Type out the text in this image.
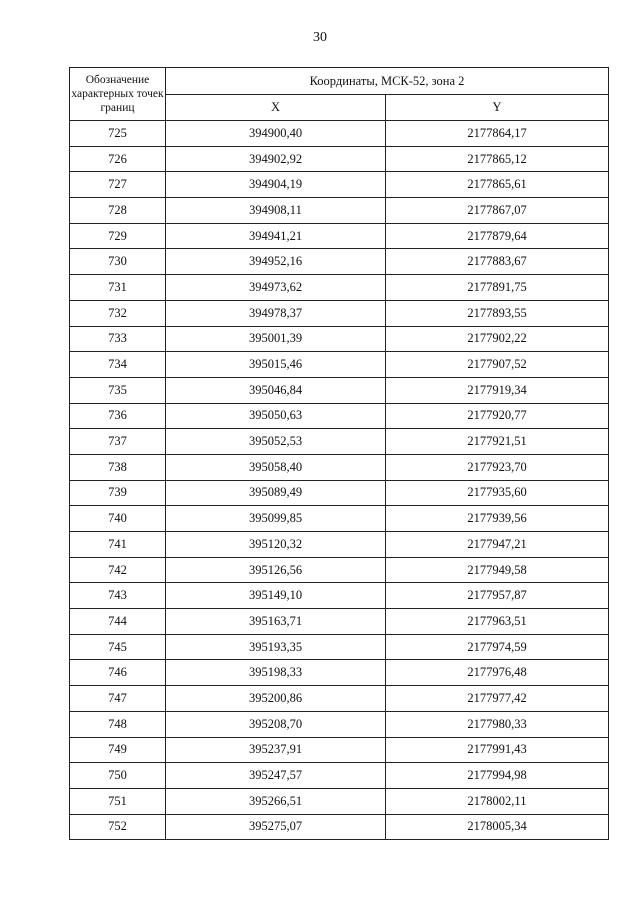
30
Обозначение характерных точек границ	Координаты, МСК-52, зона 2	
	X	Y
725	394900,40	2177864,17
726	394902,92	2177865,12
727	394904,19	2177865,61
728	394908,11	2177867,07
729	394941,21	2177879,64
730	394952,16	2177883,67
731	394973,62	2177891,75
732	394978,37	2177893,55
733	395001,39	2177902,22
734	395015,46	2177907,52
735	395046,84	2177919,34
736	395050,63	2177920,77
737	395052,53	2177921,51
738	395058,40	2177923,70
739	395089,49	2177935,60
740	395099,85	2177939,56
741	395120,32	2177947,21
742	395126,56	2177949,58
743	395149,10	2177957,87
744	395163,71	2177963,51
745	395193,35	2177974,59
746	395198,33	2177976,48
747	395200,86	2177977,42
748	395208,70	2177980,33
749	395237,91	2177991,43
750	395247,57	2177994,98
751	395266,51	2178002,11
752	395275,07	2178005,34
